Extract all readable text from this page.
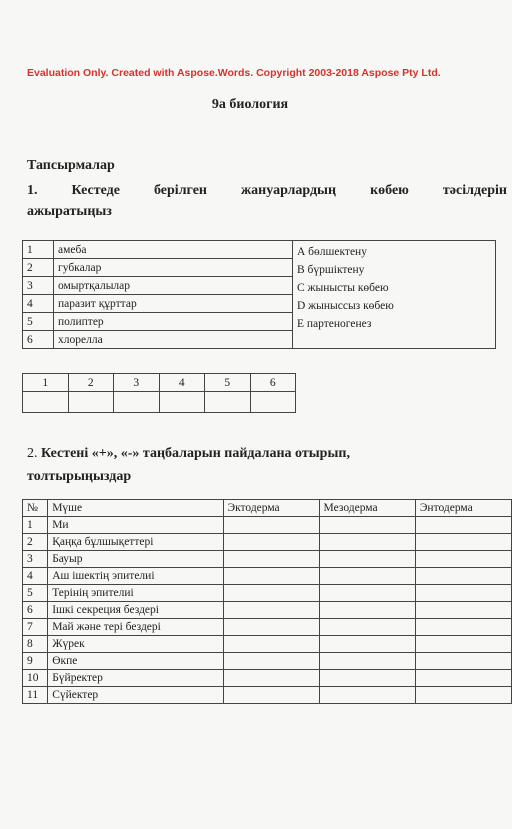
Evaluation Only. Created with Aspose.Words. Copyright 2003-2018 Aspose Pty Ltd.
9а биология
Тапсырмалар
1. Кестеде берілген жануарлардың көбею тәсілдерін
ажыратыңыз
1	амеба	А бөлшектену
В бүршіктену
С жынысты көбею
D жыныссыз көбею
Е партеногенез

2	губкалар	
3	омыртқалылар	
4	паразит құрттар	
5	полиптер	
6	хлорелла	
1	2	3	4	5	6

2. Кестені «+», «-» таңбаларын пайдалана отырып,
толтырыңыздар
№	Мүше	Эктодерма	Мезодерма	Энтодерма
1	Ми			
2	Қаңқа бұлшықеттері			
3	Бауыр			
4	Аш ішектің эпителиі			
5	Терінің эпителиі			
6	Ішкі секреция бездері			
7	Май және тері бездері			
8	Жүрек			
9	Өкпе			
10	Бүйректер			
11	Сүйектер			
